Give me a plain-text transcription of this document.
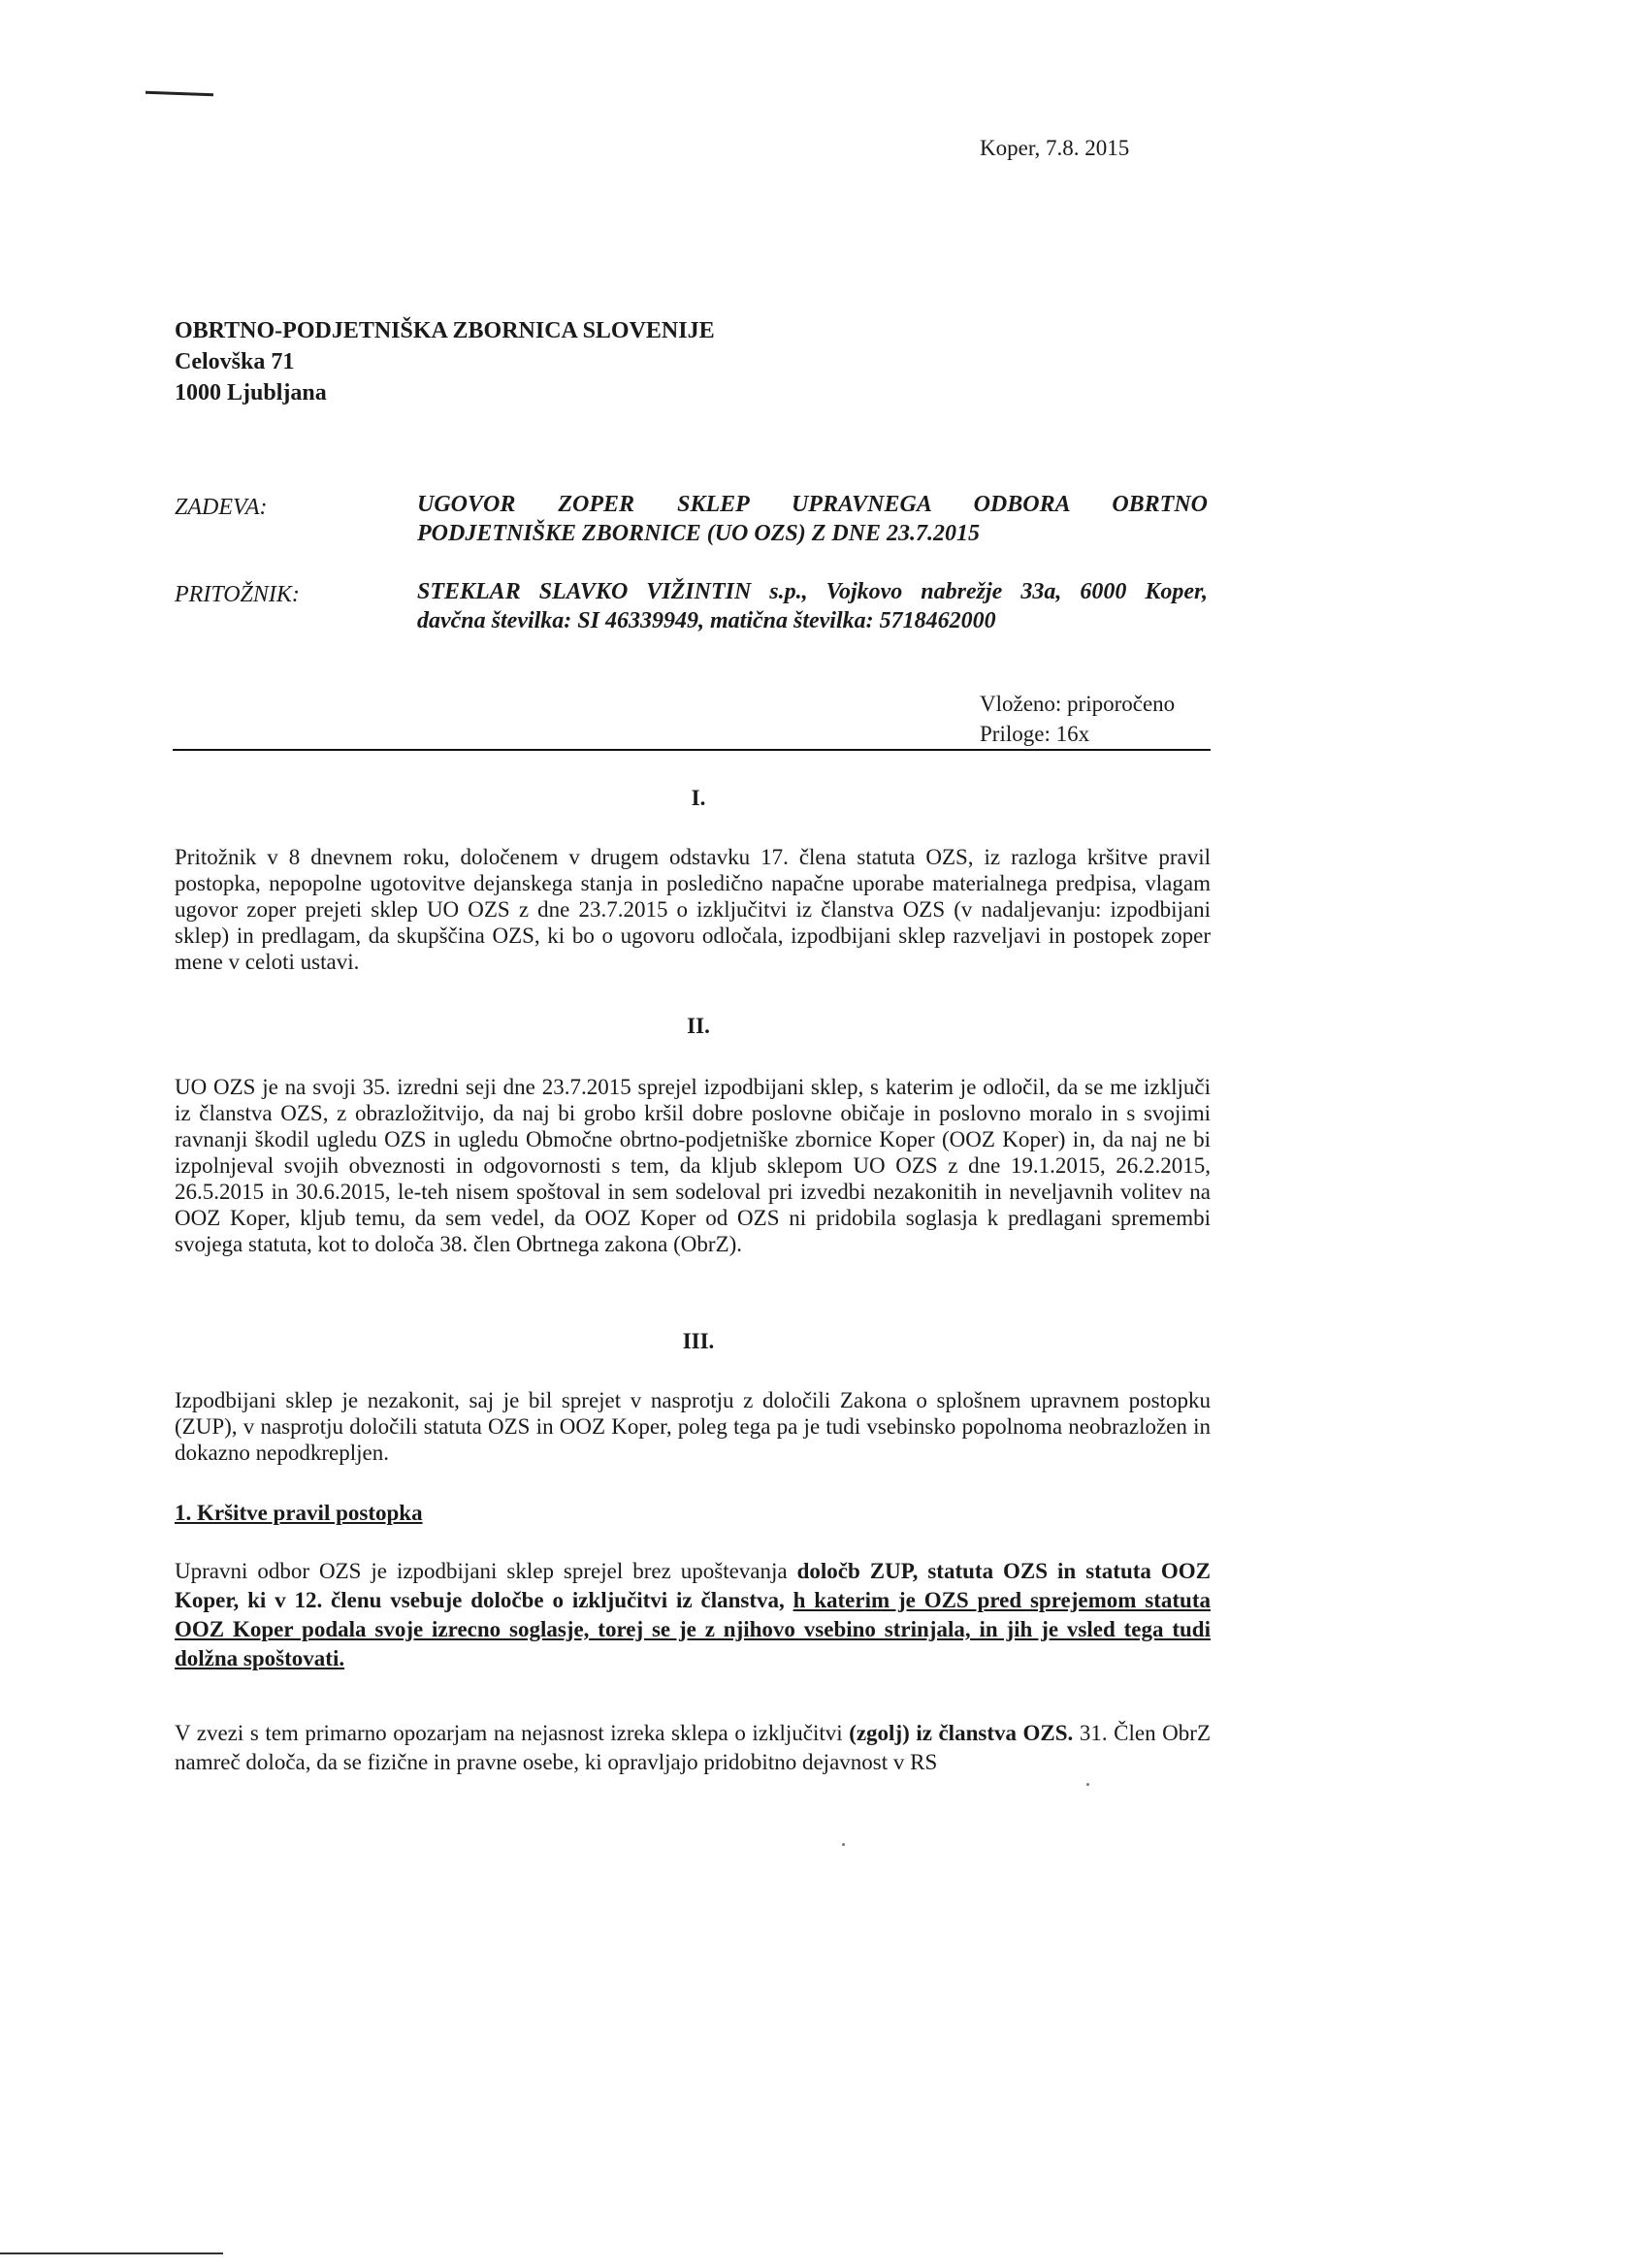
Koper, 7.8. 2015
OBRTNO-PODJETNIŠKA ZBORNICA SLOVENIJE
Celovška 71
1000 Ljubljana
ZADEVA:	UGOVOR ZOPER SKLEP UPRAVNEGA ODBORA OBRTNO
PODJETNIŠKE ZBORNICE (UO OZS) Z DNE 23.7.2015
PRITOŽNIK:	STEKLAR SLAVKO VIŽINTIN s.p., Vojkovo nabrežje 33a, 6000 Koper,
davčna številka: SI 46339949, matična številka: 5718462000
Vloženo: priporočeno
Priloge: 16x
I.
Pritožnik v 8 dnevnem roku, določenem v drugem odstavku 17. člena statuta OZS, iz razloga kršitve pravil postopka, nepopolne ugotovitve dejanskega stanja in posledično napačne uporabe materialnega predpisa, vlagam ugovor zoper prejeti sklep UO OZS z dne 23.7.2015 o izključitvi iz članstva OZS (v nadaljevanju: izpodbijani sklep) in predlagam, da skupščina OZS, ki bo o ugovoru odločala, izpodbijani sklep razveljavi in postopek zoper mene v celoti ustavi.
II.
UO OZS je na svoji 35. izredni seji dne 23.7.2015 sprejel izpodbijani sklep, s katerim je odločil, da se me izključi iz članstva OZS, z obrazložitvijo, da naj bi grobo kršil dobre poslovne običaje in poslovno moralo in s svojimi ravnanji škodil ugledu OZS in ugledu Območne obrtno-podjetniške zbornice Koper (OOZ Koper) in, da naj ne bi izpolnjeval svojih obveznosti in odgovornosti s tem, da kljub sklepom UO OZS z dne 19.1.2015, 26.2.2015, 26.5.2015 in 30.6.2015, le-teh nisem spoštoval in sem sodeloval pri izvedbi nezakonitih in neveljavnih volitev na OOZ Koper, kljub temu, da sem vedel, da OOZ Koper od OZS ni pridobila soglasja k predlagani spremembi svojega statuta, kot to določa 38. člen Obrtnega zakona (ObrZ).
III.
Izpodbijani sklep je nezakonit, saj je bil sprejet v nasprotju z določili Zakona o splošnem upravnem postopku (ZUP), v nasprotju določili statuta OZS in OOZ Koper, poleg tega pa je tudi vsebinsko popolnoma neobrazložen in dokazno nepodkrepljen.
1. Kršitve pravil postopka
Upravni odbor OZS je izpodbijani sklep sprejel brez upoštevanja določb ZUP, statuta OZS in statuta OOZ Koper, ki v 12. členu vsebuje določbe o izključitvi iz članstva, h katerim je OZS pred sprejemom statuta OOZ Koper podala svoje izrecno soglasje, torej se je z njihovo vsebino strinjala, in jih je vsled tega tudi dolžna spoštovati.
V zvezi s tem primarno opozarjam na nejasnost izreka sklepa o izključitvi (zgolj) iz članstva OZS. 31. Člen ObrZ namreč določa, da se fizične in pravne osebe, ki opravljajo pridobitno dejavnost v RS
